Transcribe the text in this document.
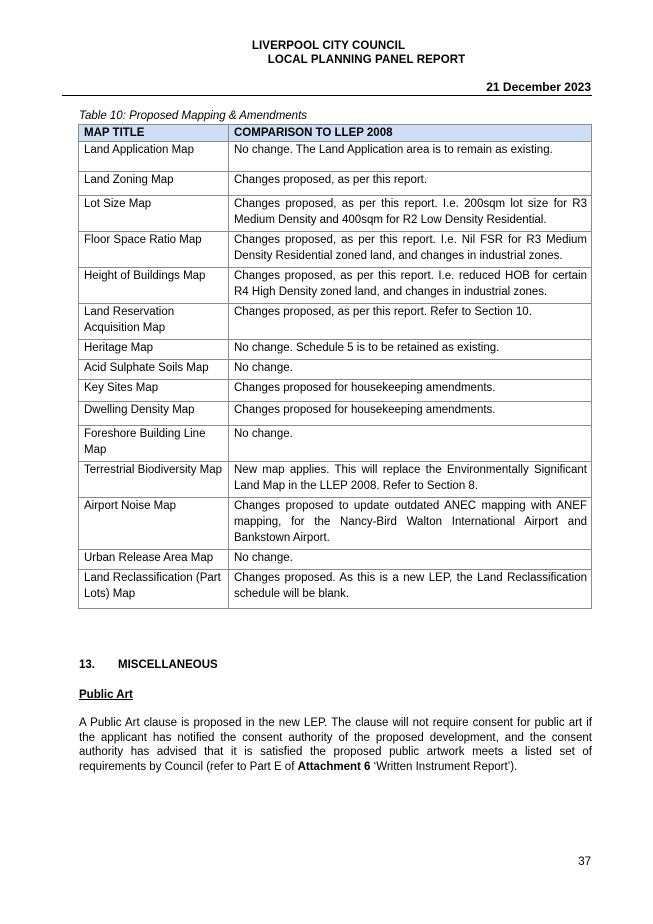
LIVERPOOL CITY COUNCIL
LOCAL PLANNING PANEL REPORT
21 December 2023
Table 10: Proposed Mapping & Amendments
MAP TITLE	COMPARISON TO LLEP 2008
Land Application Map	No change. The Land Application area is to remain as existing.
Land Zoning Map	Changes proposed, as per this report.
Lot Size Map	Changes proposed, as per this report. I.e. 200sqm lot size for R3 Medium Density and 400sqm for R2 Low Density Residential.
Floor Space Ratio Map	Changes proposed, as per this report. I.e. Nil FSR for R3 Medium Density Residential zoned land, and changes in industrial zones.
Height of Buildings Map	Changes proposed, as per this report. I.e. reduced HOB for certain R4 High Density zoned land, and changes in industrial zones.
Land Reservation Acquisition Map	Changes proposed, as per this report. Refer to Section 10.
Heritage Map	No change. Schedule 5 is to be retained as existing.
Acid Sulphate Soils Map	No change.
Key Sites Map	Changes proposed for housekeeping amendments.
Dwelling Density Map	Changes proposed for housekeeping amendments.
Foreshore Building Line Map	No change.
Terrestrial Biodiversity Map	New map applies. This will replace the Environmentally Significant Land Map in the LLEP 2008. Refer to Section 8.
Airport Noise Map	Changes proposed to update outdated ANEC mapping with ANEF mapping, for the Nancy-Bird Walton International Airport and Bankstown Airport.
Urban Release Area Map	No change.
Land Reclassification (Part Lots) Map	Changes proposed. As this is a new LEP, the Land Reclassification schedule will be blank.
13. MISCELLANEOUS
Public Art
A Public Art clause is proposed in the new LEP. The clause will not require consent for public art if the applicant has notified the consent authority of the proposed development, and the consent authority has advised that it is satisfied the proposed public artwork meets a listed set of requirements by Council (refer to Part E of Attachment 6 ‘Written Instrument Report’).
37
